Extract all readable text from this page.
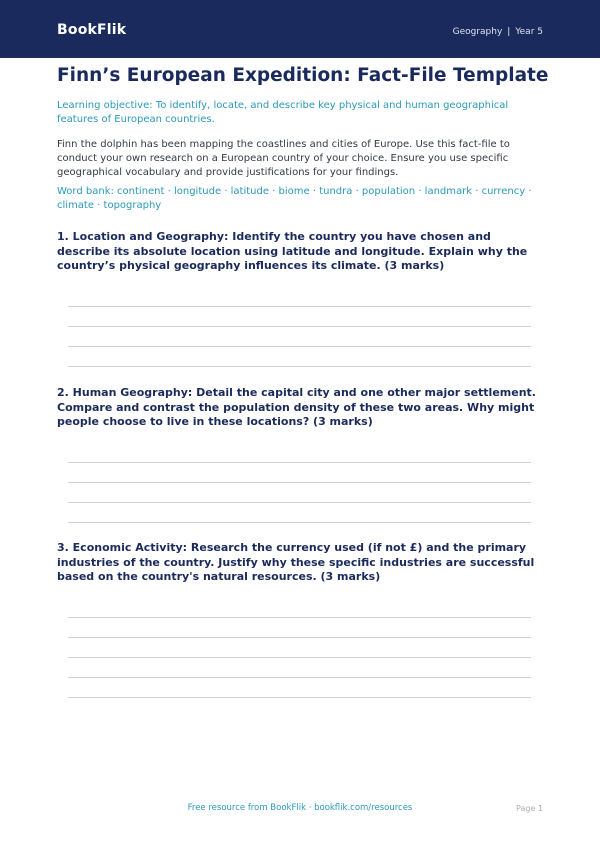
BookFlik	Geography | Year 5
Finn’s European Expedition: Fact-File Template
Learning objective: To identify, locate, and describe key physical and human geographical features of European countries.
Finn the dolphin has been mapping the coastlines and cities of Europe. Use this fact-file to conduct your own research on a European country of your choice. Ensure you use specific geographical vocabulary and provide justifications for your findings.
Word bank: continent · longitude · latitude · biome · tundra · population · landmark · currency · climate · topography
1. Location and Geography: Identify the country you have chosen and describe its absolute location using latitude and longitude. Explain why the country’s physical geography influences its climate. (3 marks)
2. Human Geography: Detail the capital city and one other major settlement. Compare and contrast the population density of these two areas. Why might people choose to live in these locations? (3 marks)
3. Economic Activity: Research the currency used (if not £) and the primary industries of the country. Justify why these specific industries are successful based on the country's natural resources. (3 marks)
Free resource from BookFlik · bookflik.com/resources	Page 1
